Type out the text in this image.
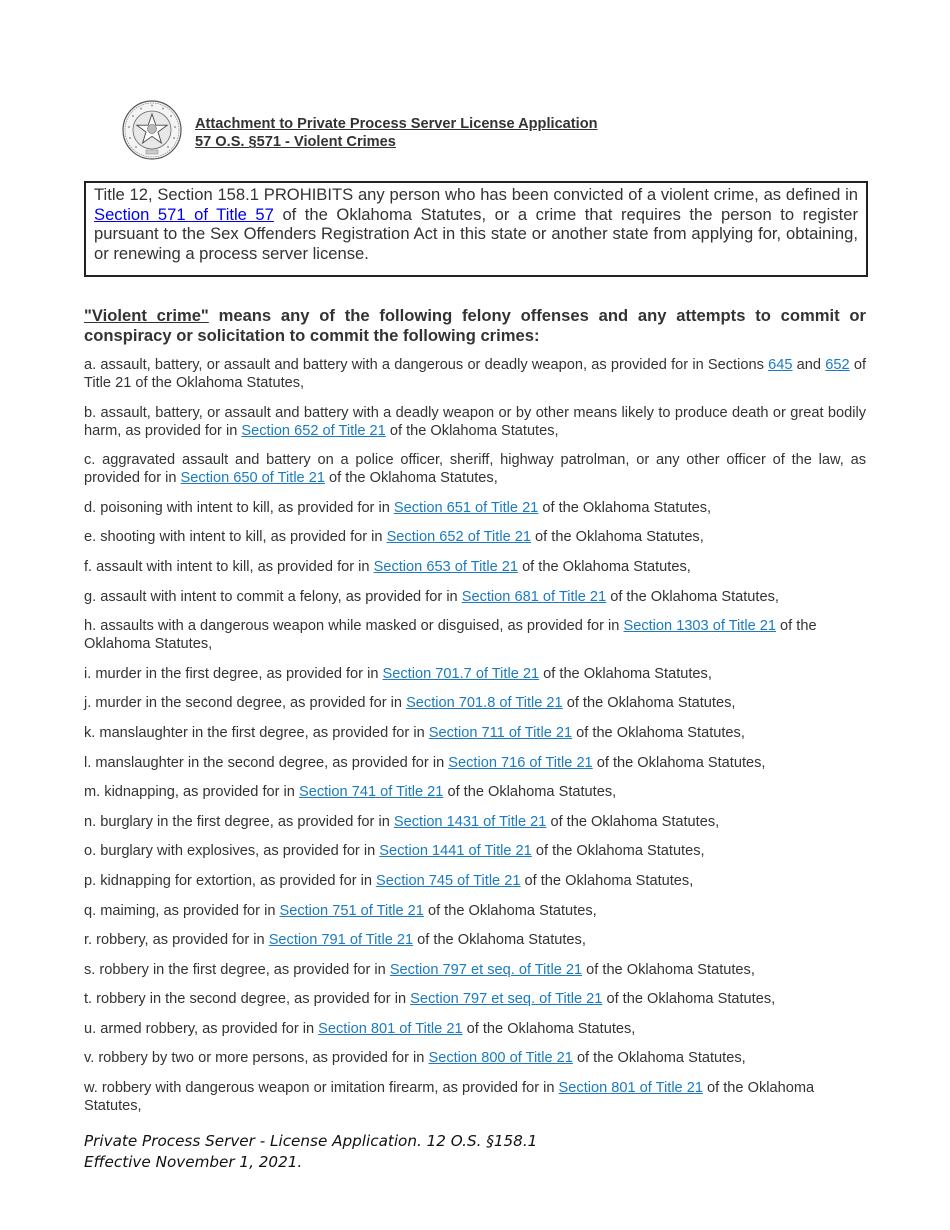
Attachment to Private Process Server License Application
57 O.S. §571 - Violent Crimes
Title 12, Section 158.1 PROHIBITS any person who has been convicted of a violent crime, as defined in Section 571 of Title 57 of the Oklahoma Statutes, or a crime that requires the person to register pursuant to the Sex Offenders Registration Act in this state or another state from applying for, obtaining, or renewing a process server license.
"Violent crime" means any of the following felony offenses and any attempts to commit or conspiracy or solicitation to commit the following crimes:
a. assault, battery, or assault and battery with a dangerous or deadly weapon, as provided for in Sections 645 and 652 of Title 21 of the Oklahoma Statutes,
b. assault, battery, or assault and battery with a deadly weapon or by other means likely to produce death or great bodily harm, as provided for in Section 652 of Title 21 of the Oklahoma Statutes,
c. aggravated assault and battery on a police officer, sheriff, highway patrolman, or any other officer of the law, as provided for in Section 650 of Title 21 of the Oklahoma Statutes,
d. poisoning with intent to kill, as provided for in Section 651 of Title 21 of the Oklahoma Statutes,
e. shooting with intent to kill, as provided for in Section 652 of Title 21 of the Oklahoma Statutes,
f. assault with intent to kill, as provided for in Section 653 of Title 21 of the Oklahoma Statutes,
g. assault with intent to commit a felony, as provided for in Section 681 of Title 21 of the Oklahoma Statutes,
h. assaults with a dangerous weapon while masked or disguised, as provided for in Section 1303 of Title 21 of the Oklahoma Statutes,
i. murder in the first degree, as provided for in Section 701.7 of Title 21 of the Oklahoma Statutes,
j. murder in the second degree, as provided for in Section 701.8 of Title 21 of the Oklahoma Statutes,
k. manslaughter in the first degree, as provided for in Section 711 of Title 21 of the Oklahoma Statutes,
l. manslaughter in the second degree, as provided for in Section 716 of Title 21 of the Oklahoma Statutes,
m. kidnapping, as provided for in Section 741 of Title 21 of the Oklahoma Statutes,
n. burglary in the first degree, as provided for in Section 1431 of Title 21 of the Oklahoma Statutes,
o. burglary with explosives, as provided for in Section 1441 of Title 21 of the Oklahoma Statutes,
p. kidnapping for extortion, as provided for in Section 745 of Title 21 of the Oklahoma Statutes,
q. maiming, as provided for in Section 751 of Title 21 of the Oklahoma Statutes,
r. robbery, as provided for in Section 791 of Title 21 of the Oklahoma Statutes,
s. robbery in the first degree, as provided for in Section 797 et seq. of Title 21 of the Oklahoma Statutes,
t. robbery in the second degree, as provided for in Section 797 et seq. of Title 21 of the Oklahoma Statutes,
u. armed robbery, as provided for in Section 801 of Title 21 of the Oklahoma Statutes,
v. robbery by two or more persons, as provided for in Section 800 of Title 21 of the Oklahoma Statutes,
w. robbery with dangerous weapon or imitation firearm, as provided for in Section 801 of Title 21 of the Oklahoma Statutes,
Private Process Server - License Application. 12 O.S. §158.1
Effective November 1, 2021.
